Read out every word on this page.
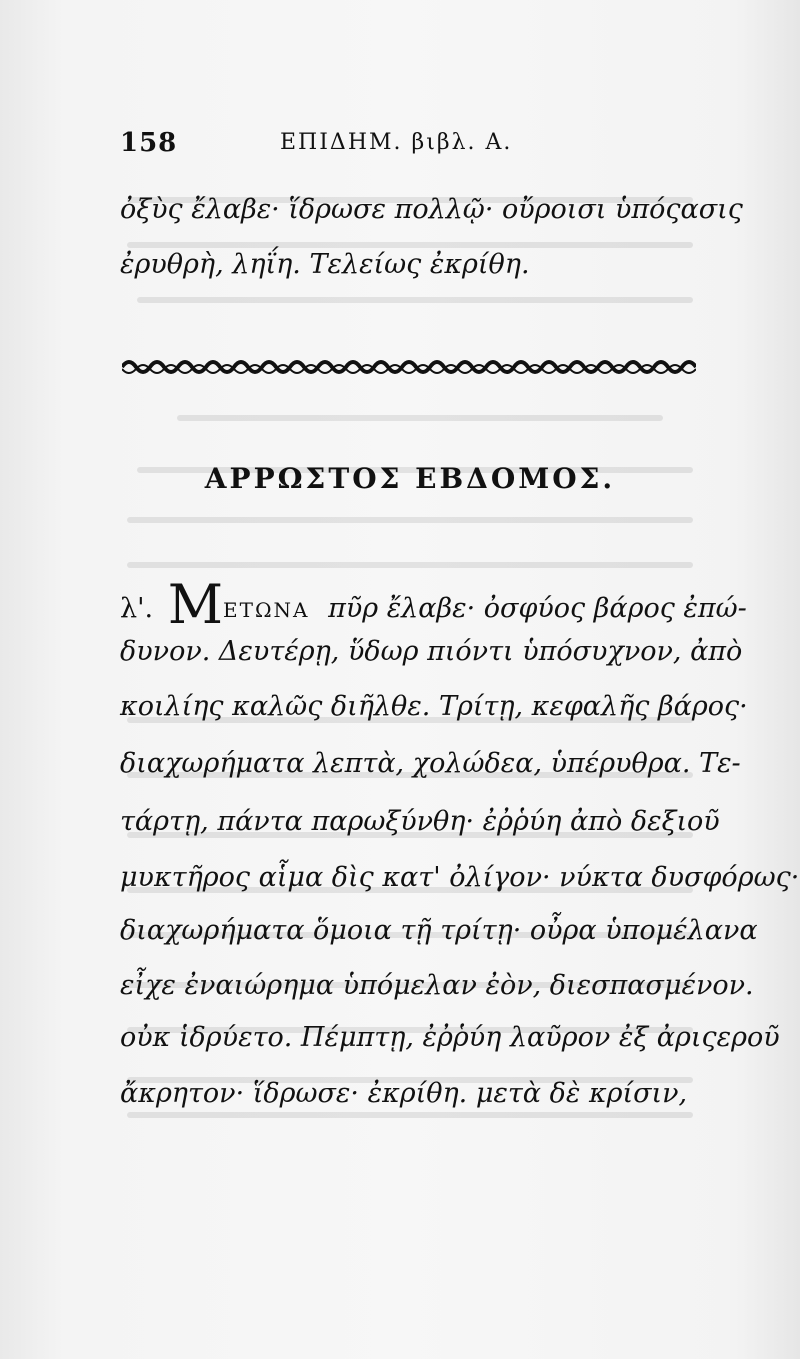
158	ΕΠΙΔΗΜ. βιβλ. Α.
ὀξὺς ἔλαβε· ἵδρωσε πολλῷ· οὔροισι ὑπόςασις
ἐρυθρὴ, ληΐη. Τελείως ἐκρίθη.
ΑΡΡΩΣΤΟΣ ΕΒΔΟΜΟΣ.
λ'. ΜΕΤΩΝΑ πῦρ ἔλαβε· ὀσφύος βάρος ἐπώ-
δυνον. Δευτέρῃ, ὕδωρ πιόντι ὑπόσυχνον, ἀπὸ
κοιλίης καλῶς διῆλθε. Τρίτῃ, κεφαλῆς βάρος·
διαχωρήματα λεπτὰ, χολώδεα, ὑπέρυθρα. Τε-
τάρτῃ, πάντα παρωξύνθη· ἐῤῥύη ἀπὸ δεξιοῦ
μυκτῆρος αἷμα δὶς κατ' ὀλίγον· νύκτα δυσφόρως·
διαχωρήματα ὅμοια τῇ τρίτῃ· οὖρα ὑπομέλανα
εἶχε ἐναιώρημα ὑπόμελαν ἐὸν, διεσπασμένον.
οὐκ ἱδρύετο. Πέμπτῃ, ἐῤῥύη λαῦρον ἐξ ἀριςεροῦ
ἄκρητον· ἵδρωσε· ἐκρίθη. μετὰ δὲ κρίσιν,
